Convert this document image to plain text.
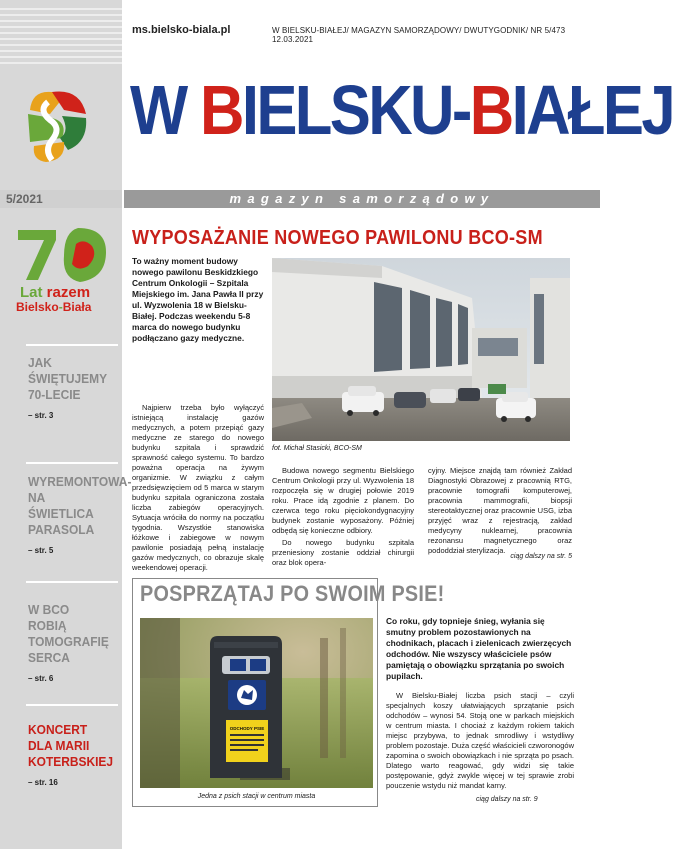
ms.bielsko-biala.pl	W BIELSKU-BIAŁEJ/ MAGAZYN SAMORZĄDOWY/ DWUTYGODNIK/ NR 5/473 12.03.2021
W BIELSKU-BIAŁEJ
5/2021	magazyn samorządowy
Lat razem
Bielsko-Biała
JAK
ŚWIĘTUJEMY
70-LECIE
– str. 3
WYREMONTOWA-
NA ŚWIETLICA
PARASOLA
– str. 5
W BCO ROBIĄ
TOMOGRAFIĘ
SERCA
– str. 6
KONCERT
DLA MARII
KOTERBSKIEJ
– str. 16
WYPOSAŻANIE NOWEGO PAWILONU BCO-SM
To ważny moment budowy nowego pawilonu Beskidzkiego Centrum Onkologii – Szpitala Miejskiego im. Jana Pawła II przy ul. Wyzwolenia 18 w Bielsku-Białej. Podczas weekendu 5-8 marca do nowego budynku podłączano gazy medyczne.
fot. Michał Stasicki, BCO-SM
Najpierw trzeba było wyłączyć istniejącą instalację gazów medycznych, a potem przepiąć gazy medyczne ze starego do nowego budynku szpitala i sprawdzić sprawność całego systemu. To bardzo poważna operacja na żywym organizmie. W związku z całym przedsięwzięciem od 5 marca w starym budynku szpitala ograniczona została liczba zabiegów operacyjnych. Sytuacja wróciła do normy na początku tygodnia. Wszystkie stanowiska łóżkowe i zabiegowe w nowym pawilonie posiadają pełną instalację gazów medycznych, co obrazuje skalę weekendowej operacji.
Budowa nowego segmentu Bielskiego Centrum Onkologii przy ul. Wyzwolenia 18 rozpoczęła się w drugiej połowie 2019 roku. Prace idą zgodnie z planem. Do czerwca tego roku pięciokondygnacyjny budynek zostanie wyposażony. Później odbędą się konieczne odbiory.
Do nowego budynku szpitala przeniesiony zostanie oddział chirurgii oraz blok opera-
cyjny. Miejsce znajdą tam również Zakład Diagnostyki Obrazowej z pracownią RTG, pracownie tomografii komputerowej, pracownia mammografii, biopsji stereotaktycznej oraz pracownie USG, izba przyjęć wraz z rejestracją, zakład medycyny nuklearnej, pracownia rezonansu magnetycznego oraz pododdział sterylizacja.
ciąg dalszy na str. 5
POSPRZĄTAJ PO SWOIM PSIE!
ODCHODY PSIE
Jedna z psich stacji w centrum miasta
Co roku, gdy topnieje śnieg, wyłania się smutny problem pozostawionych na chodnikach, placach i zielenicach zwierzęcych odchodów. Nie wszyscy właściciele psów pamiętają o obowiązku sprzątania po swoich pupilach.
W Bielsku-Białej liczba psich stacji – czyli specjalnych koszy ułatwiających sprzątanie psich odchodów – wynosi 54. Stoją one w parkach miejskich w centrum miasta. I chociaż z każdym rokiem takich miejsc przybywa, to jednak smrodliwy i wstydliwy problem pozostaje. Duża część właścicieli czworonogów zapomina o swoich obowiązkach i nie sprząta po psach. Dlatego warto reagować, gdy widzi się takie postępowanie, gdyż zwykle więcej w tej sprawie zrobi pouczenie wstydu niż mandat karny.
ciąg dalszy na str. 9
